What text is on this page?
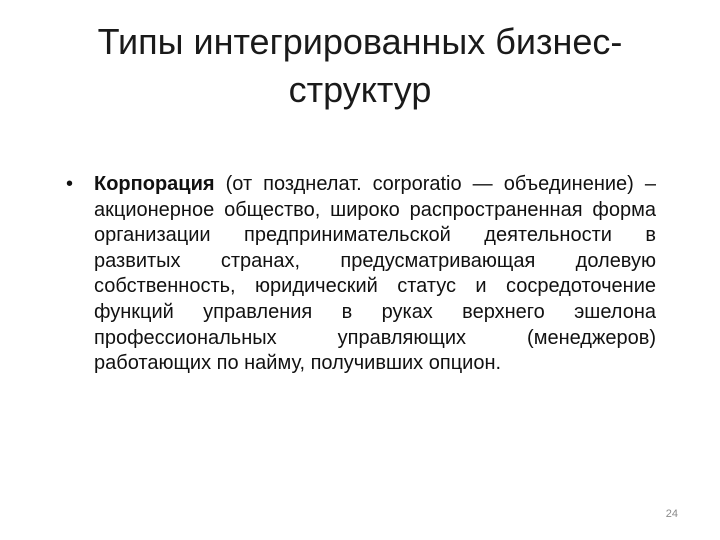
Типы интегрированных бизнес-
структур
• Корпорация (от позднелат. corporatio — объединение) – акционерное общество, широко распространенная форма организации предпринимательской деятельности в развитых странах, предусматривающая долевую собственность, юридический статус и сосредоточение функций управления в руках верхнего эшелона профессиональных управляющих (менеджеров) работающих по найму, получивших опцион.
24
